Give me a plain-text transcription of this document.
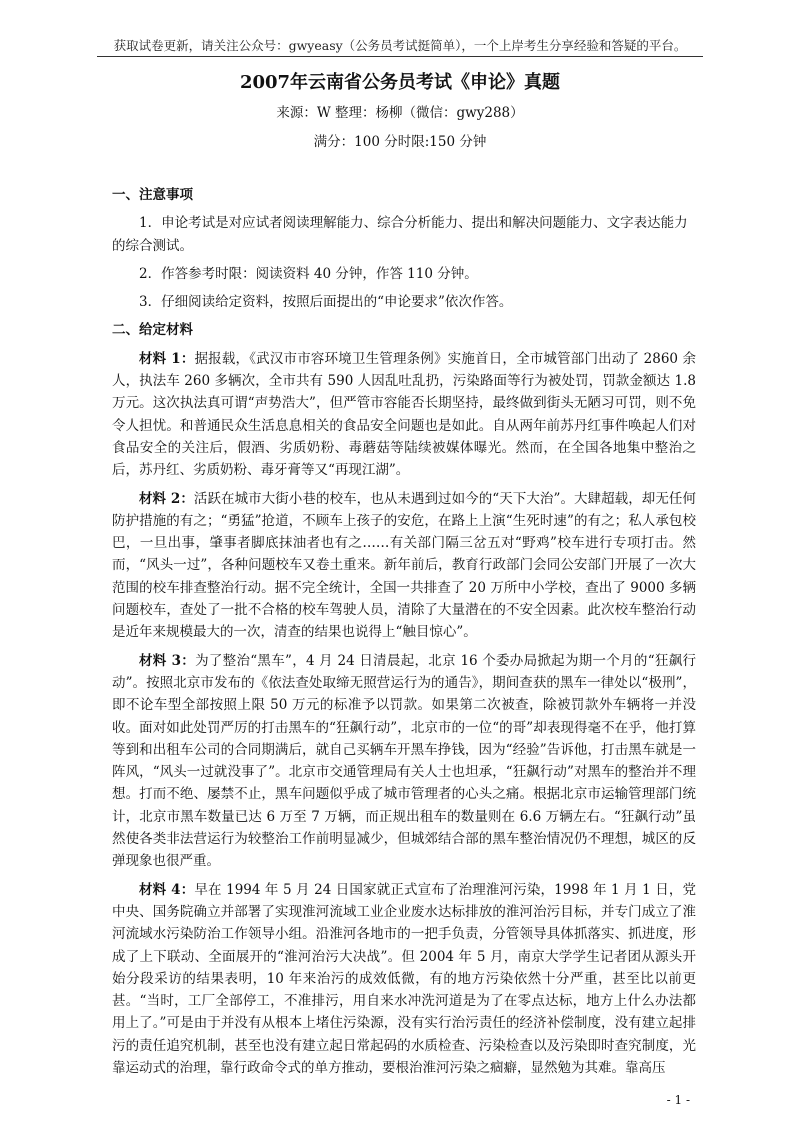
获取试卷更新，请关注公众号：gwyeasy（公务员考试挺简单），一个上岸考生分享经验和答疑的平台。
2007年云南省公务员考试《申论》真题
来源：W 整理：杨柳（微信：gwy288）
满分：100 分时限:150 分钟

一、注意事项

1．申论考试是对应试者阅读理解能力、综合分析能力、提出和解决问题能力、文字表达能力的综合测试。

2．作答参考时限：阅读资料 40 分钟，作答 110 分钟。

3．仔细阅读给定资料，按照后面提出的“申论要求”依次作答。

二、给定材料

材料 1：据报载，《武汉市市容环境卫生管理条例》实施首日，全市城管部门出动了 2860 余人，执法车 260 多辆次，全市共有 590 人因乱吐乱扔，污染路面等行为被处罚，罚款金额达 1.8 万元。这次执法真可谓“声势浩大”，但严管市容能否长期坚持，最终做到街头无陋习可罚，则不免令人担忧。和普通民众生活息息相关的食品安全问题也是如此。自从两年前苏丹红事件唤起人们对食品安全的关注后，假酒、劣质奶粉、毒蘑菇等陆续被媒体曝光。然而，在全国各地集中整治之后，苏丹红、劣质奶粉、毒牙膏等又“再现江湖”。

材料 2：活跃在城市大街小巷的校车，也从未遇到过如今的“天下大治”。大肆超载，却无任何防护措施的有之；“勇猛”抢道，不顾车上孩子的安危，在路上上演“生死时速”的有之；私人承包校巴，一旦出事，肇事者脚底抹油者也有之……有关部门隔三岔五对“野鸡”校车进行专项打击。然而，“风头一过”，各种问题校车又卷土重来。新年前后，教育行政部门会同公安部门开展了一次大范围的校车排查整治行动。据不完全统计，全国一共排查了 20 万所中小学校，查出了 9000 多辆问题校车，查处了一批不合格的校车驾驶人员，清除了大量潜在的不安全因素。此次校车整治行动是近年来规模最大的一次，清查的结果也说得上“触目惊心”。

材料 3：为了整治“黑车”，4 月 24 日清晨起，北京 16 个委办局掀起为期一个月的“狂飙行动”。按照北京市发布的《依法查处取缔无照营运行为的通告》，期间查获的黑车一律处以“极刑”，即不论车型全部按照上限 50 万元的标准予以罚款。如果第二次被查，除被罚款外车辆将一并没收。面对如此处罚严厉的打击黑车的“狂飙行动”，北京市的一位“的哥”却表现得毫不在乎，他打算等到和出租车公司的合同期满后，就自己买辆车开黑车挣钱，因为“经验”告诉他，打击黑车就是一阵风，“风头一过就没事了”。北京市交通管理局有关人士也坦承，“狂飙行动”对黑车的整治并不理想。打而不绝、屡禁不止，黑车问题似乎成了城市管理者的心头之痛。根据北京市运输管理部门统计，北京市黑车数量已达 6 万至 7 万辆，而正规出租车的数量则在 6.6 万辆左右。“狂飙行动”虽然使各类非法营运行为较整治工作前明显减少，但城郊结合部的黑车整治情况仍不理想，城区的反弹现象也很严重。

材料 4：早在 1994 年 5 月 24 日国家就正式宣布了治理淮河污染，1998 年 1 月 1 日，党中央、国务院确立并部署了实现淮河流域工业企业废水达标排放的淮河治污目标，并专门成立了淮河流域水污染防治工作领导小组。沿淮河各地市的一把手负责，分管领导具体抓落实、抓进度，形成了上下联动、全面展开的“淮河治污大决战”。但 2004 年 5 月，南京大学学生记者团从源头开始分段采访的结果表明，10 年来治污的成效低微，有的地方污染依然十分严重，甚至比以前更甚。“当时，工厂全部停工，不准排污，用自来水冲洗河道是为了在零点达标，地方上什么办法都用上了。”可是由于并没有从根本上堵住污染源，没有实行治污责任的经济补偿制度，没有建立起排污的责任追究机制，甚至也没有建立起日常起码的水质检查、污染检查以及污染即时查究制度，光靠运动式的治理，靠行政命令式的单方推动，要根治淮河污染之痼癖，显然勉为其难。靠高压

- 1 -
